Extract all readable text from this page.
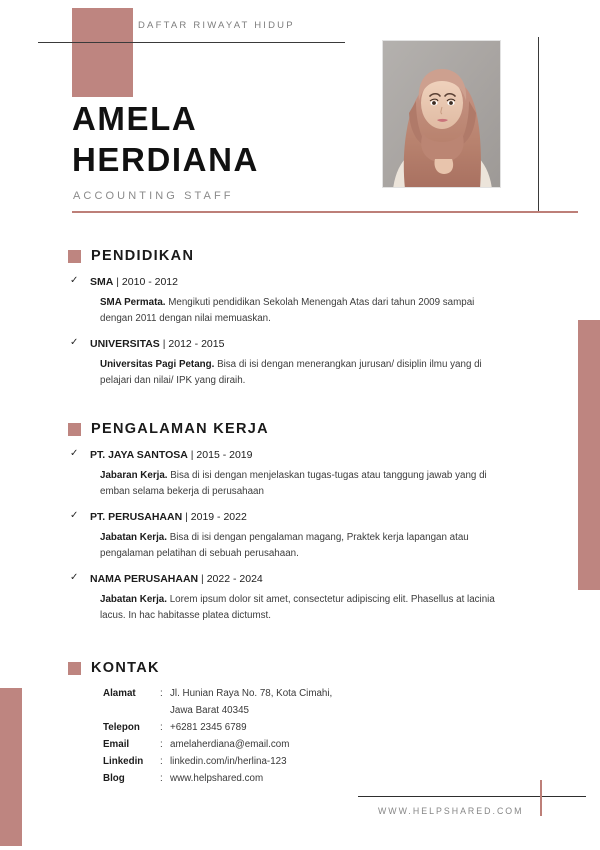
DAFTAR RIWAYAT HIDUP
AMELA
HERDIANA
ACCOUNTING STAFF
PENDIDIKAN
✓ SMA | 2010 - 2012
SMA Permata. Mengikuti pendidikan Sekolah Menengah Atas dari tahun 2009 sampai dengan 2011 dengan nilai memuaskan.
✓ UNIVERSITAS | 2012 - 2015
Universitas Pagi Petang. Bisa di isi dengan menerangkan jurusan/ disiplin ilmu yang di pelajari dan nilai/ IPK yang diraih.
PENGALAMAN KERJA
✓ PT. JAYA SANTOSA | 2015 - 2019
Jabaran Kerja. Bisa di isi dengan menjelaskan tugas-tugas atau tanggung jawab yang di emban selama bekerja di perusahaan
✓ PT. PERUSAHAAN | 2019 - 2022
Jabatan Kerja. Bisa di isi dengan pengalaman magang, Praktek kerja lapangan atau pengalaman pelatihan di sebuah perusahaan.
✓ NAMA PERUSAHAAN | 2022 - 2024
Jabatan Kerja. Lorem ipsum dolor sit amet, consectetur adipiscing elit. Phasellus at lacinia lacus. In hac habitasse platea dictumst.
KONTAK
Alamat	: Jl. Hunian Raya No. 78, Kota Cimahi,
Jawa Barat 40345
Telepon	: +6281 2345 6789
Email	: amelaherdiana@email.com
Linkedin	: linkedin.com/in/herlina-123
Blog	: www.helpshared.com
WWW.HELPSHARED.COM
